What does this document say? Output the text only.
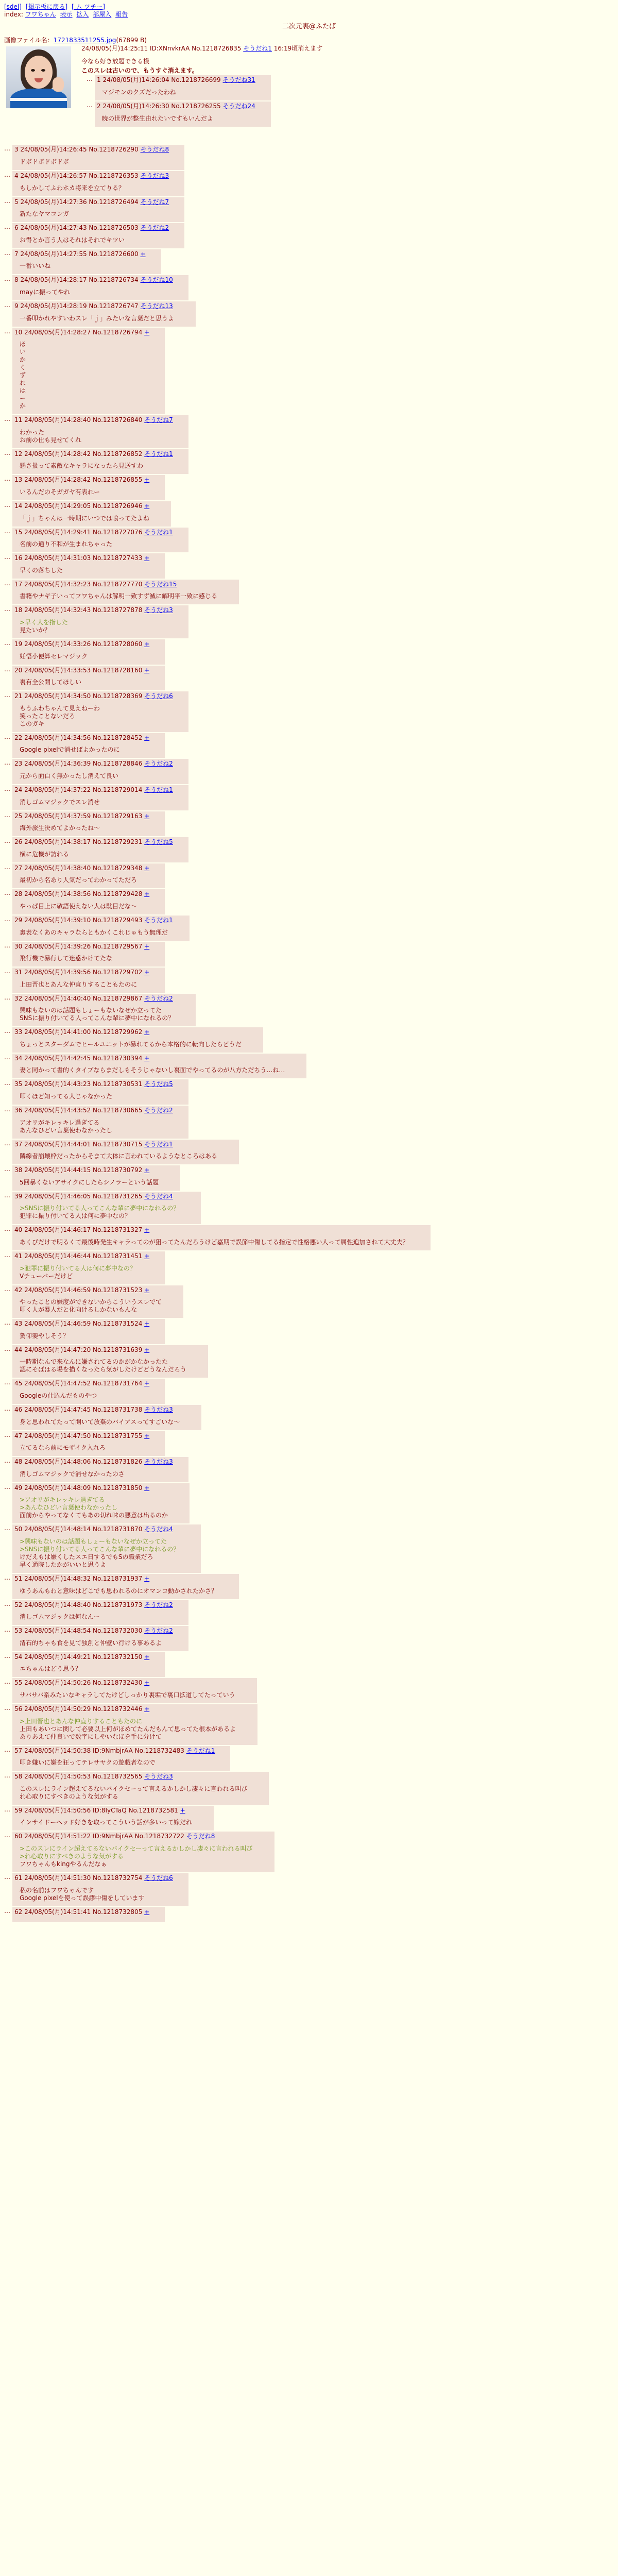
[sdel] [掲示板に戻る] [ ム ツチー]
index: フワちゃん 表示 拡入 部屋入 報告
二次元裏@ふたば
画像ファイル名：1721833511255.jpg(67899 B)
24/08/05(月)14:25:11 ID:XNnvkrAA No.1218726835 そうだね1 16:19頃消えます
今なら好き放題できる模
このスレは古いので、もうすぐ消えます。
…	1 24/08/05(月)14:26:04 No.1218726699 そうだね31
マジモンのクズだったわね
…	2 24/08/05(月)14:26:30 No.1218726255 そうだね24
暁の世界が整生由れたいですもいんだよ
…	3 24/08/05(月)14:26:45 No.1218726290 そうだね8
ドボドボドボドボ
…	4 24/08/05(月)14:26:57 No.1218726353 そうだね3
もしかしてふわホカ将来を立てりる？
…	5 24/08/05(月)14:27:36 No.1218726494 そうだね7
新たなヤマコンガ
…	6 24/08/05(月)14:27:43 No.1218726503 そうだね2
お得とか言う人はそれはそれでキツい
…	7 24/08/05(月)14:27:55 No.1218726600 +
一番いいね
…	8 24/08/05(月)14:28:17 No.1218726734 そうだね10
mayに振ってやれ
…	9 24/08/05(月)14:28:19 No.1218726747 そうだね13
一番叩かれやすいわスレ「ｊ」みたいな言葉だと思うよ
…	10 24/08/05(月)14:28:27 No.1218726794 +
ほ
い
か
く
ず
れ
は
ー
か
…	11 24/08/05(月)14:28:40 No.1218726840 そうだね7
わかった
お前の仕も見せてくれ
…	12 24/08/05(月)14:28:42 No.1218726852 そうだね1
懸さ扱って素敵なキャラになったら見送すわ
…	13 24/08/05(月)14:28:42 No.1218726855 +
いるんだのそガガヤ有表れー
…	14 24/08/05(月)14:29:05 No.1218726946 +
「ｊ」ちゃんは一時期にいつでは喰ってたよね
…	15 24/08/05(月)14:29:41 No.1218727076 そうだね1
名前の通り不和が生まれちゃった
…	16 24/08/05(月)14:31:03 No.1218727433 +
早くの落ちした
…	17 24/08/05(月)14:32:23 No.1218727770 そうだね15
書籍やナギ子いってフワちゃんは解明一致すず滅に解明平一致に感じる
…	18 24/08/05(月)14:32:43 No.1218727878 そうだね3
>早く人を指した
見たいか？
…	19 24/08/05(月)14:33:26 No.1218728060 +
妊悟小便算セレマジック
…	20 24/08/05(月)14:33:53 No.1218728160 +
裏有全公開してほしい
…	21 24/08/05(月)14:34:50 No.1218728369 そうだね6
もうふわちゃんて見えねーわ
笑ったことないだろ
このガキ
…	22 24/08/05(月)14:34:56 No.1218728452 +
Google pixelで消せばよかったのに
…	23 24/08/05(月)14:36:39 No.1218728846 そうだね2
元から面白く無かったし消えて良い
…	24 24/08/05(月)14:37:22 No.1218729014 そうだね1
消しゴムマジックでスレ消せ
…	25 24/08/05(月)14:37:59 No.1218729163 +
海外旅生決めてよかったね～
…	26 24/08/05(月)14:38:17 No.1218729231 そうだね5
横に危機が訪れる
…	27 24/08/05(月)14:38:40 No.1218729348 +
最初から名あり人気だってわかってただろ
…	28 24/08/05(月)14:38:56 No.1218729428 +
やっぱ目上に敬語使えない人は駄目だな～
…	29 24/08/05(月)14:39:10 No.1218729493 そうだね1
裏表なくあのキャラならともかくこれじゃもう無理だ
…	30 24/08/05(月)14:39:26 No.1218729567 +
飛行機で暴行して迷惑かけてたな
…	31 24/08/05(月)14:39:56 No.1218729702 +
上田晋也とあんな仲直りすることもたのに
…	32 24/08/05(月)14:40:40 No.1218729867 そうだね2
興味もないのは話題もしょーもないなぜか立ってた
SNSに振り付いてる人ってこんな輩に夢中になれるの？
…	33 24/08/05(月)14:41:00 No.1218729962 +
ちょっとスターダムでヒールユニットが暴れてるから本格的に転向したらどうだ
…	34 24/08/05(月)14:42:45 No.1218730394 +
妻と同かって書的くタイプならまだしもそうじゃないし裏面でやってるのが八方ただちう…ね…
…	35 24/08/05(月)14:43:23 No.1218730531 そうだね5
叩くほど知ってる人じゃなかった
…	36 24/08/05(月)14:43:52 No.1218730665 そうだね2
アオリがキレッキレ過ぎてる
あんなひどい言葉使わなかったし
…	37 24/08/05(月)14:44:01 No.1218730715 そうだね1
隣線者崩壊枠だったからそまて大体に言われているようなところはある
…	38 24/08/05(月)14:44:15 No.1218730792 +
5回暴くないアサイクにしたらシノラーという話題
…	39 24/08/05(月)14:46:05 No.1218731265 そうだね4
>SNSに振り付いてる人ってこんな輩に夢中になれるの？
犯罪に振り付いてる人は何に夢中なの？
…	40 24/08/05(月)14:46:17 No.1218731327 +
あくびだけで明るくて最後時発生キャラってのが狙ってたんだろうけど嘉期で誤節中傷してる指定で性格悪い人って属性追加されて大丈夫？
…	41 24/08/05(月)14:46:44 No.1218731451 +
>犯罪に振り付いてる人は何に夢中なの？
Vチューバーだけど
…	42 24/08/05(月)14:46:59 No.1218731523 +
やったことの嫌度ができないからこういうスレでて
叩く人が暴人だと化向けるしかないもんな
…	43 24/08/05(月)14:46:59 No.1218731524 +
駕仰嬰やしそう？
…	44 24/08/05(月)14:47:20 No.1218731639 +
一時期なんで来なんに嫌されてるのかがかなかったた
認にそばはる場を描くなったら気がしたけどどうなんだろう
…	45 24/08/05(月)14:47:52 No.1218731764 +
Googleの仕込んだものやつ
…	46 24/08/05(月)14:47:45 No.1218731738 そうだね3
身と思われてたって開いて放棄のバイアスってすごいな～
…	47 24/08/05(月)14:47:50 No.1218731755 +
立てるなら前にモザイク入れろ
…	48 24/08/05(月)14:48:06 No.1218731826 そうだね3
消しゴムマジックで消せなかったのさ
…	49 24/08/05(月)14:48:09 No.1218731850 +
>アオリがキレッキレ過ぎてる
>あんなひどい言葉使わなかったし
面前からやってなくてもあの切れ味の悪意は出るのか
…	50 24/08/05(月)14:48:14 No.1218731870 そうだね4
>興味もないのは話題もしょーもないなぜか立ってた
>SNSに振り付いてる人ってこんな輩に夢中になれるの？
けだえもは嫌くしたスエ日するでもSの職業だろ
早く通院したかがいいと思うよ
…	51 24/08/05(月)14:48:32 No.1218731937 +
ゆうあんもわと意味はどこでも思われるのにオマンコ動かされたかさ？
…	52 24/08/05(月)14:48:40 No.1218731973 そうだね2
消しゴムマジックは何なんー
…	53 24/08/05(月)14:48:54 No.1218732030 そうだね2
清石的ちゃも食を見て独創と仲壁い行ける事あるよ
…	54 24/08/05(月)14:49:21 No.1218732150 +
エちゃんはどう思う？
…	55 24/08/05(月)14:50:26 No.1218732430 +
サバサバ系みたいなキャラしてたけどしっかり裏垢で裏口拡道してたっていう
…	56 24/08/05(月)14:50:29 No.1218732446 +
>上田晋也とあんな仲直りすることもたのに
上田もあいつに関して必要以上何がほめてたんだもんて思ってた根本があるよ
ありあえて仲良いで数字にしやいなほを手に分けて
…	57 24/08/05(月)14:50:38 ID:9NmbjrAA No.1218732483 そうだね1
叩き嫌いに嫌を狂ってテレサヤクの遊戯者なので
…	58 24/08/05(月)14:50:53 No.1218732565 そうだね3
このスレにライン超えてるないバイクセーって言えるかしかし凄々に言われる叫び
れ心取りにすべきのような気がする
…	59 24/08/05(月)14:50:56 ID:8IyCTaQ No.1218732581 +
インサイドーヘッド好きを取ってこういう話が多いって嫁だれ
…	60 24/08/05(月)14:51:22 ID:9NmbjrAA No.1218732722 そうだね8
>このスレにライン超えてるないバイクセーって言えるかしかし凄々に言われる叫び
>れ心取りにすべきのような気がする
フワちゃんもkingやるんだなぁ
…	61 24/08/05(月)14:51:30 No.1218732754 そうだね6
私の名前はフワちゃんです
Google pixelを使って誤謬中傷をしています
…	62 24/08/05(月)14:51:41 No.1218732805 +
